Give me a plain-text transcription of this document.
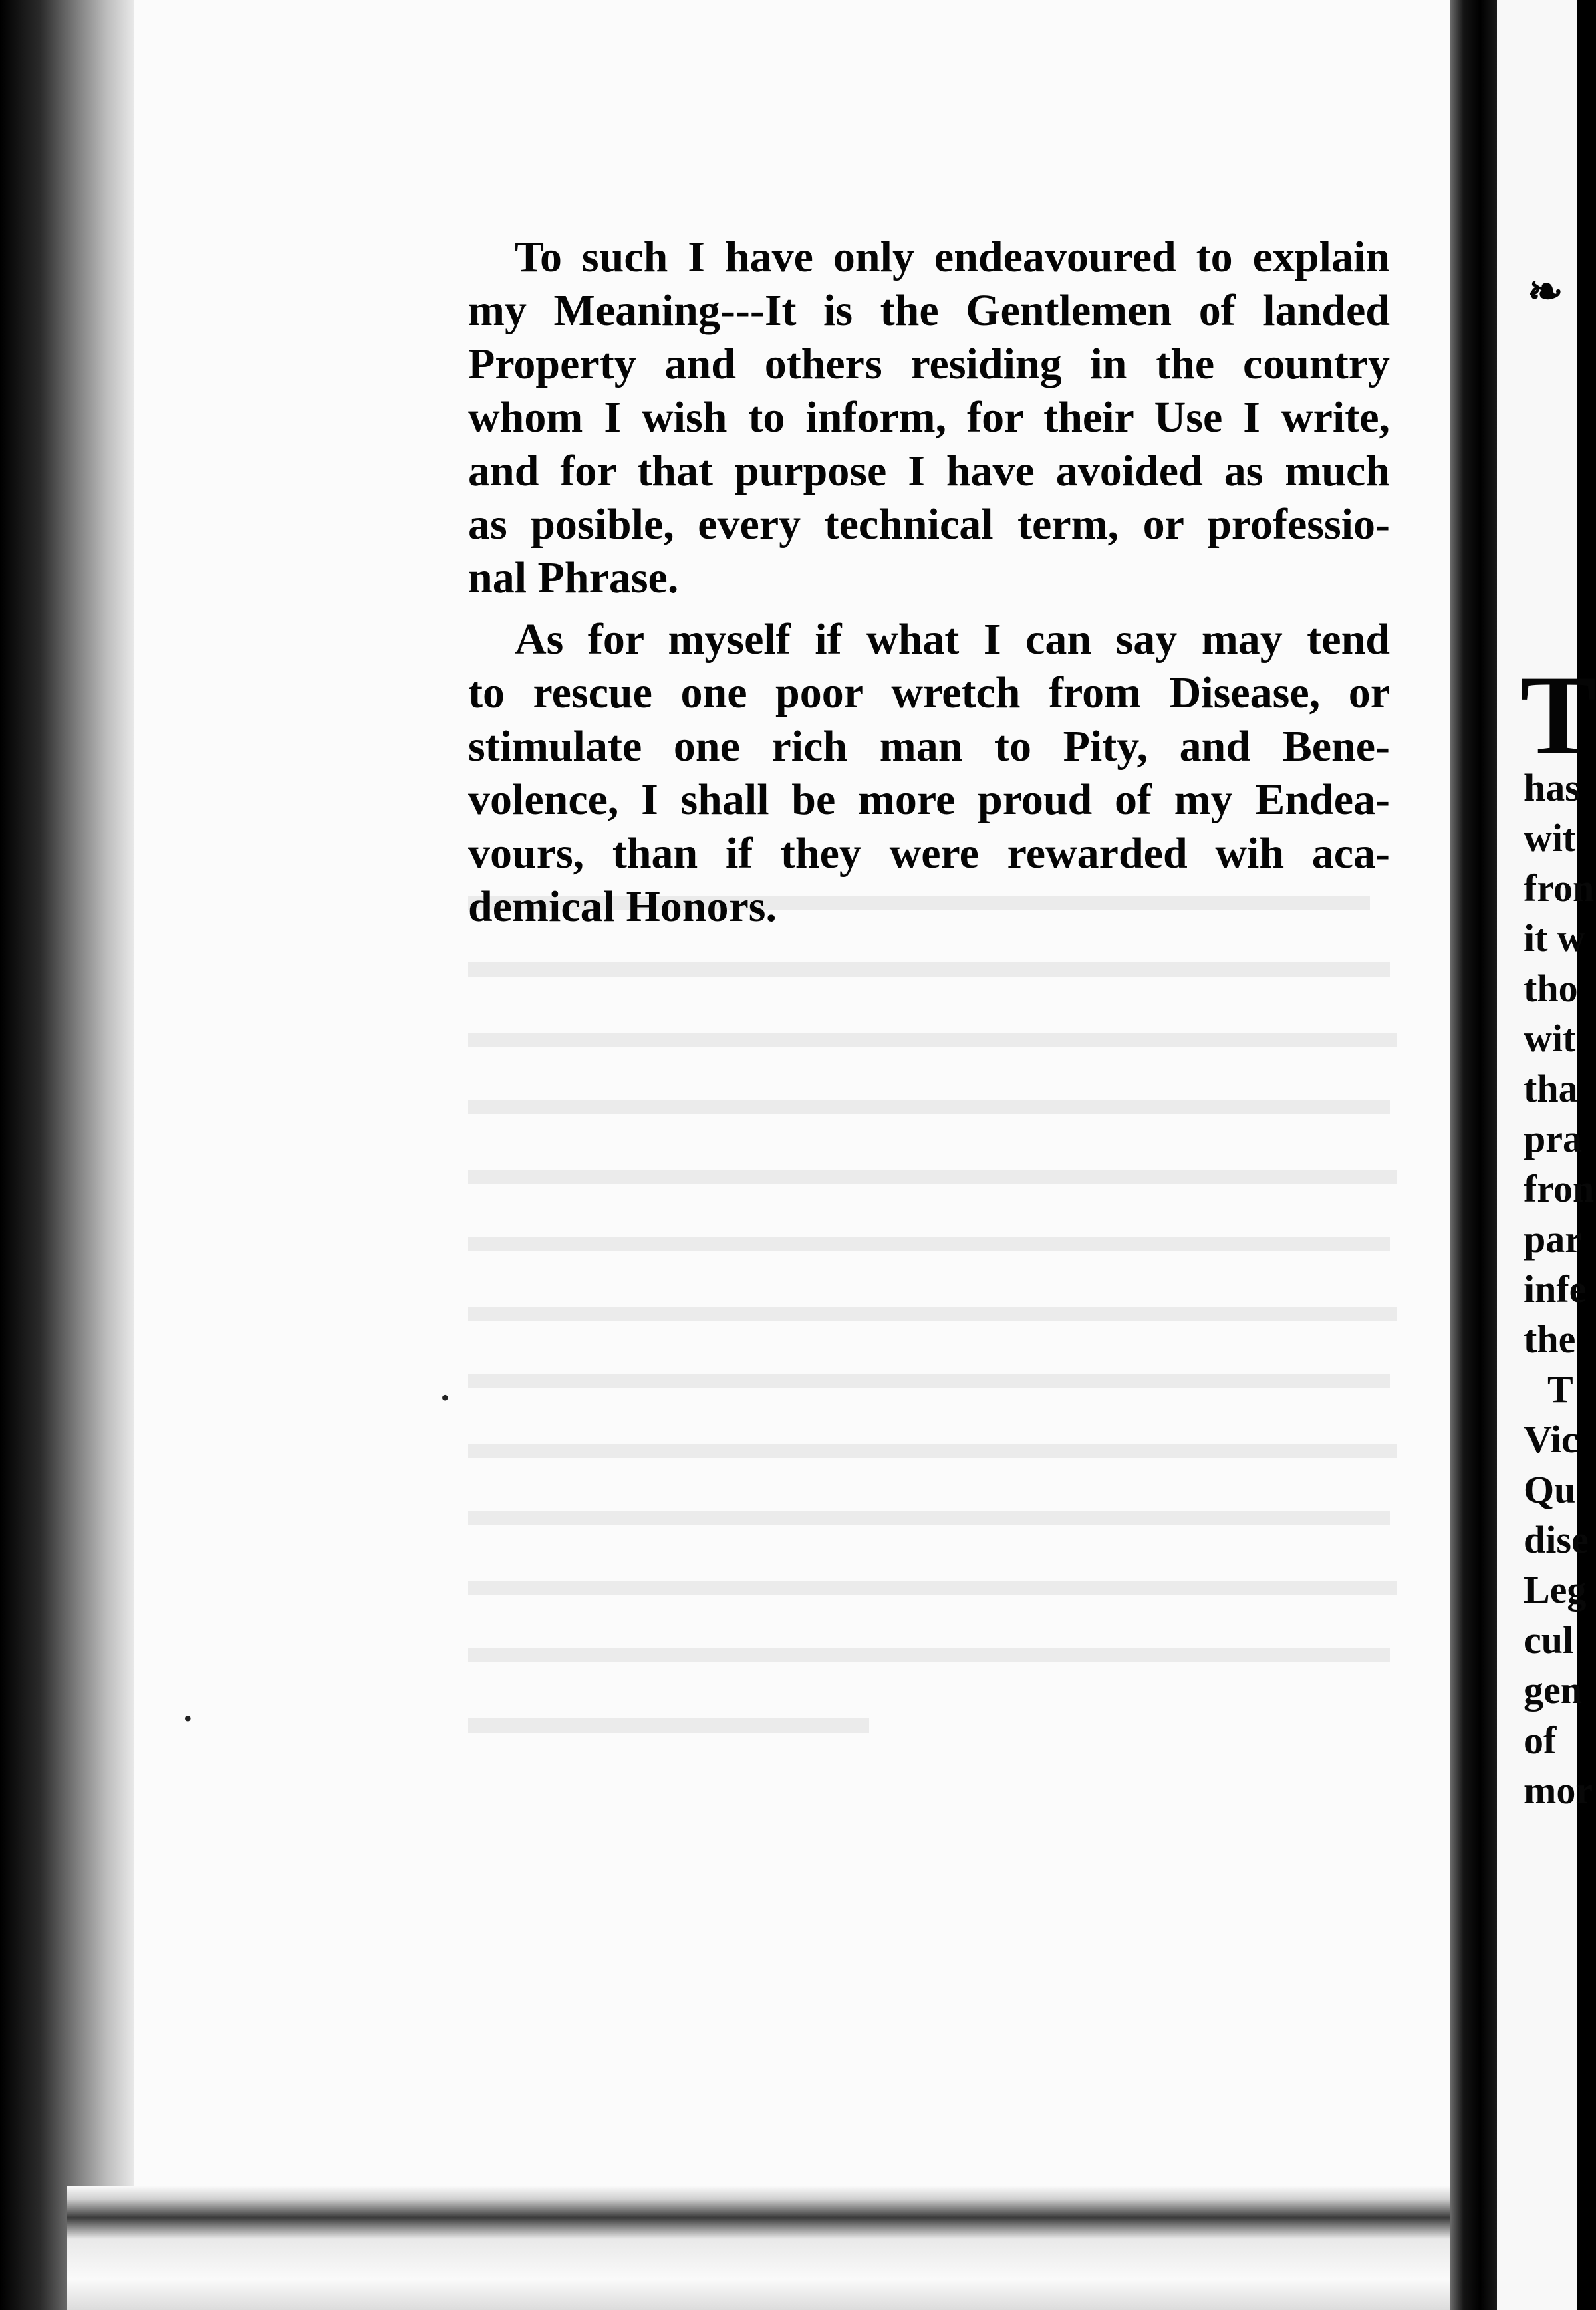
To such I have only endeavoured to explain
my Meaning---It is the Gentlemen of landed
Property and others residing in the country
whom I wish to inform, for their Use I write,
and for that purpose I have avoided as much
as posible, every technical term, or professio-
nal Phrase.

As for myself if what I can say may tend
to rescue one poor wretch from Disease, or
stimulate one rich man to Pity, and Bene-
volence, I shall be more proud of my Endea-
vours, than if they were rewarded wih aca-
demical Honors.

•
•
❧
T
has
wit
fron
it w
tho
wit
tha
pra
fron
par
infe
the
T
Vic
Qu
dise
Leg
cul
gen
of
mor
